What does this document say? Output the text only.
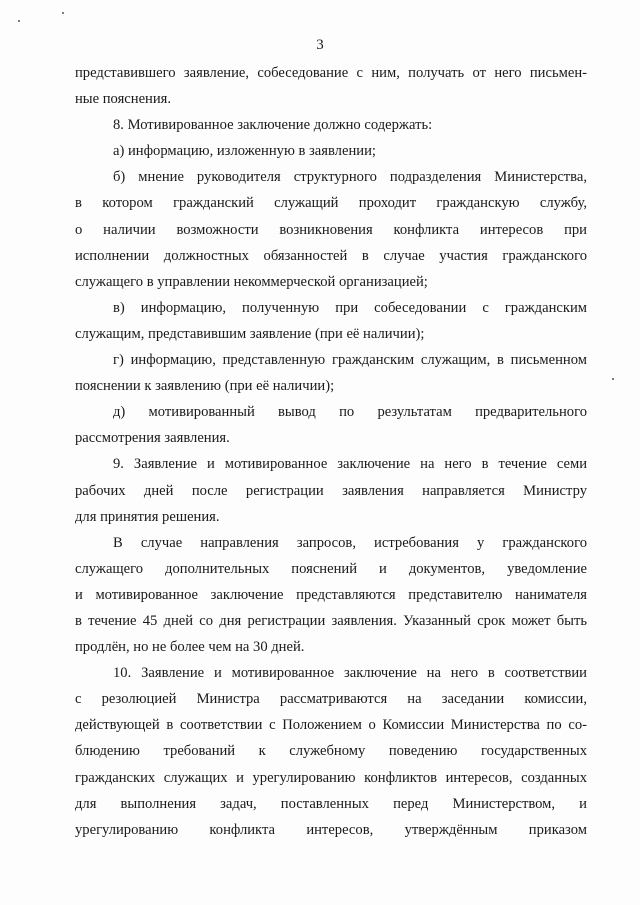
3
представившего заявление, собеседование с ним, получать от него письмен-
ные пояснения.
8. Мотивированное заключение должно содержать:
а) информацию, изложенную в заявлении;
б) мнение руководителя структурного подразделения Министерства,
в котором гражданский служащий проходит гражданскую службу,
о наличии возможности возникновения конфликта интересов при
исполнении должностных обязанностей в случае участия гражданского
служащего в управлении некоммерческой организацией;
в) информацию, полученную при собеседовании с гражданским
служащим, представившим заявление (при её наличии);
г) информацию, представленную гражданским служащим, в письменном
пояснении к заявлению (при её наличии);
д) мотивированный вывод по результатам предварительного
рассмотрения заявления.
9. Заявление и мотивированное заключение на него в течение семи
рабочих дней после регистрации заявления направляется Министру
для принятия решения.
В случае направления запросов, истребования у гражданского
служащего дополнительных пояснений и документов, уведомление
и мотивированное заключение представляются представителю нанимателя
в течение 45 дней со дня регистрации заявления. Указанный срок может быть
продлён, но не более чем на 30 дней.
10. Заявление и мотивированное заключение на него в соответствии
с резолюцией Министра рассматриваются на заседании комиссии,
действующей в соответствии с Положением о Комиссии Министерства по со-
блюдению требований к служебному поведению государственных
гражданских служащих и урегулированию конфликтов интересов, созданных
для выполнения задач, поставленных перед Министерством, и
урегулированию конфликта интересов, утверждённым приказом
